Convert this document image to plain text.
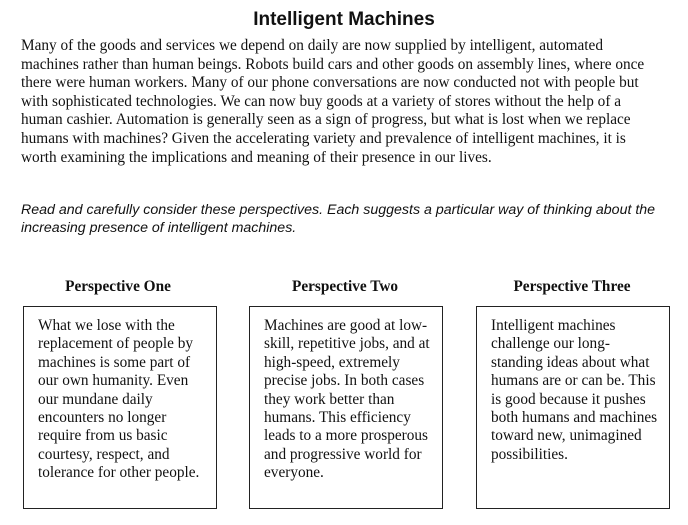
Intelligent Machines

Many of the goods and services we depend on daily are now supplied by intelligent, automated machines rather than human beings. Robots build cars and other goods on assembly lines, where once there were human workers. Many of our phone conversations are now conducted not with people but with sophisticated technologies. We can now buy goods at a variety of stores without the help of a human cashier. Automation is generally seen as a sign of progress, but what is lost when we replace humans with machines? Given the accelerating variety and prevalence of intelligent machines, it is worth examining the implications and meaning of their presence in our lives.

Read and carefully consider these perspectives. Each suggests a particular way of thinking about the increasing presence of intelligent machines.

Perspective One	Perspective Two	Perspective Three

What we lose with the replacement of people by machines is some part of our own humanity. Even our mundane daily encounters no longer require from us basic courtesy, respect, and tolerance for other people.

Machines are good at low-skill, repetitive jobs, and at high-speed, extremely precise jobs. In both cases they work better than humans. This efficiency leads to a more prosperous and progressive world for everyone.

Intelligent machines challenge our long-standing ideas about what humans are or can be. This is good because it pushes both humans and machines toward new, unimagined possibilities.
